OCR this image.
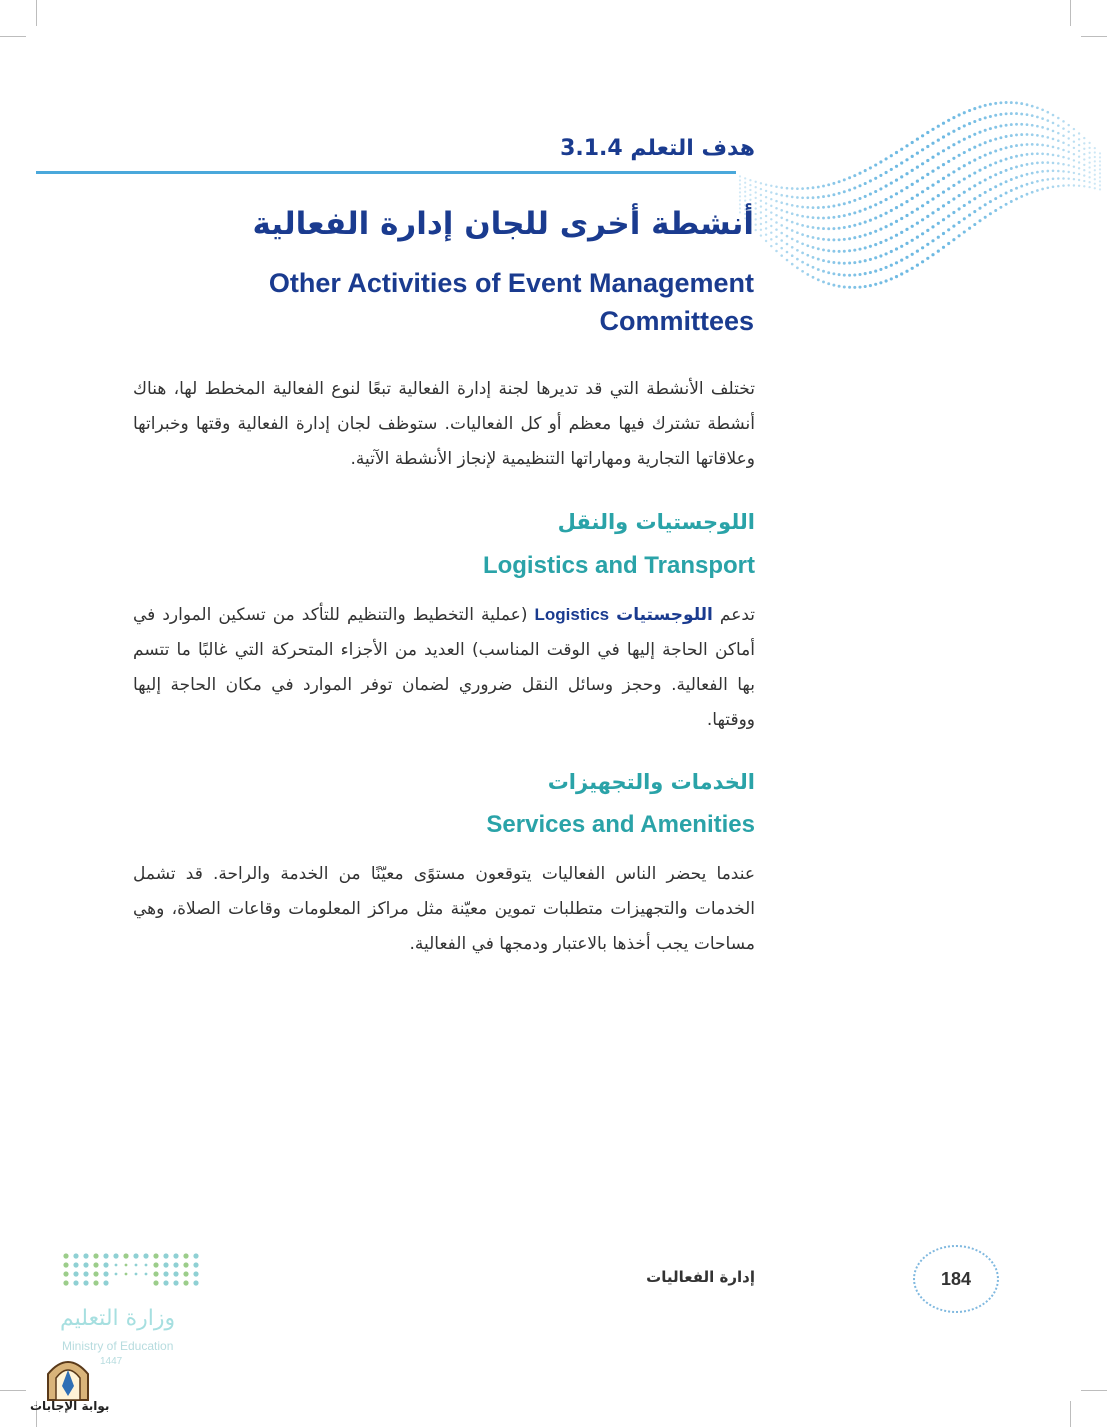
هدف التعلم 3.1.4
أنشطة أخرى للجان إدارة الفعالية
Other Activities of Event Management Committees

تختلف الأنشطة التي قد تديرها لجنة إدارة الفعالية تبعًا لنوع الفعالية المخطط لها، هناك أنشطة تشترك فيها معظم أو كل الفعاليات. ستوظف لجان إدارة الفعالية وقتها وخبراتها وعلاقاتها التجارية ومهاراتها التنظيمية لإنجاز الأنشطة الآتية.

اللوجستيات والنقل
Logistics and Transport

تدعم اللوجستيات Logistics (عملية التخطيط والتنظيم للتأكد من تسكين الموارد في أماكن الحاجة إليها في الوقت المناسب) العديد من الأجزاء المتحركة التي غالبًا ما تتسم بها الفعالية. وحجز وسائل النقل ضروري لضمان توفر الموارد في مكان الحاجة إليها ووقتها.

الخدمات والتجهيزات
Services and Amenities

عندما يحضر الناس الفعاليات يتوقعون مستوًى معيّنًا من الخدمة والراحة. قد تشمل الخدمات والتجهيزات متطلبات تموين معيّنة مثل مراكز المعلومات وقاعات الصلاة، وهي مساحات يجب أخذها بالاعتبار ودمجها في الفعالية.

إدارة الفعاليات	184
وزارة التعليم
Ministry of Education
1447
بوابة الإجابات
